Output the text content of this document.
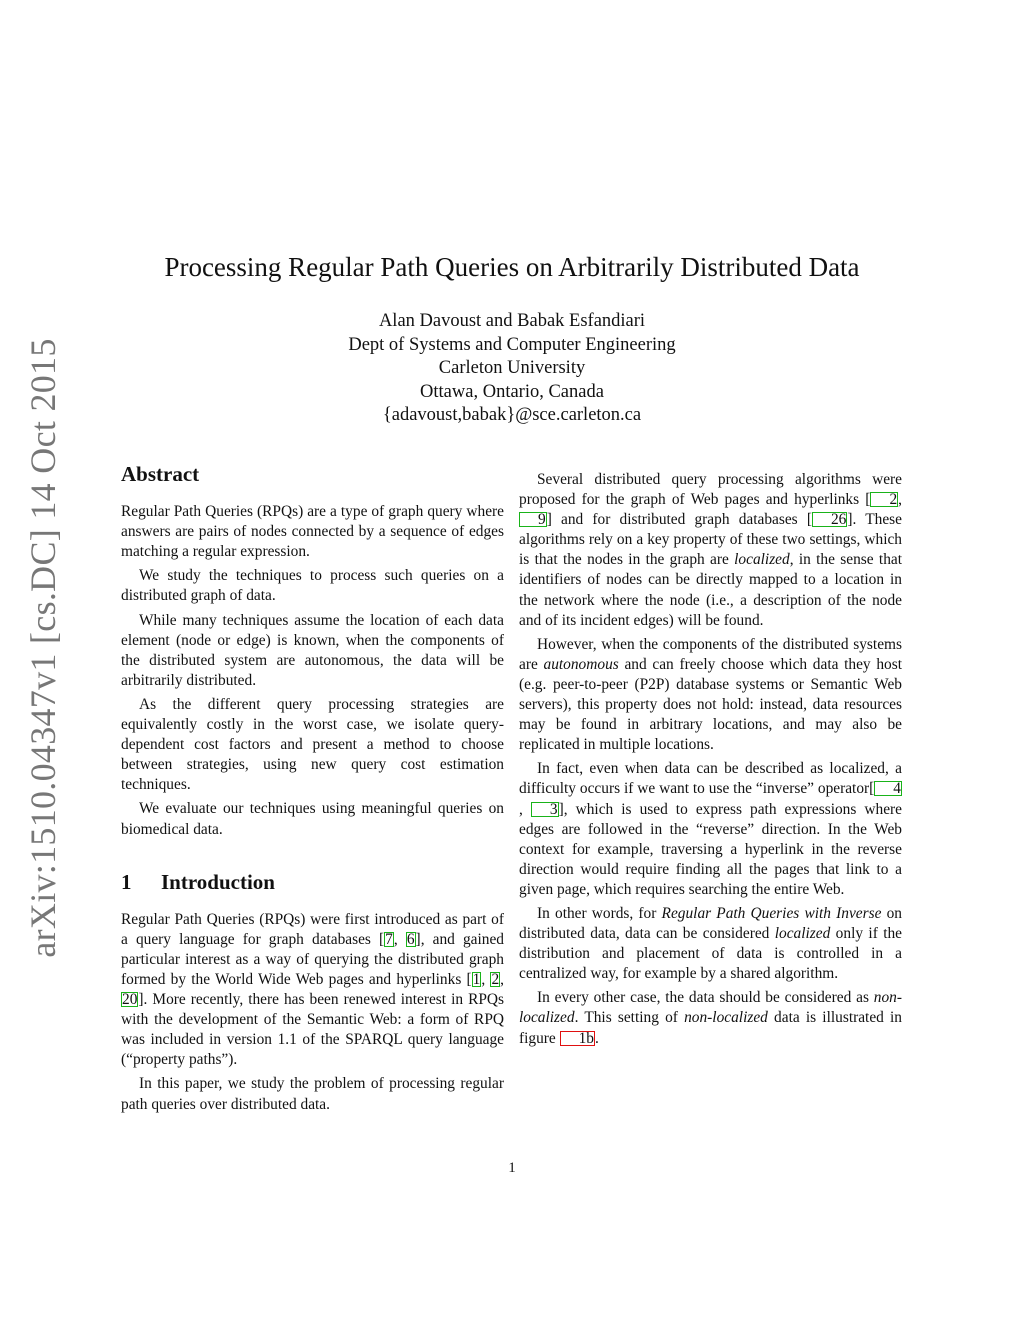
arXiv:1510.04347v1 [cs.DC] 14 Oct 2015
Processing Regular Path Queries on Arbitrarily Distributed Data
Alan Davoust and Babak Esfandiari
Dept of Systems and Computer Engineering
Carleton University
Ottawa, Ontario, Canada
{adavoust,babak}@sce.carleton.ca
Abstract

Regular Path Queries (RPQs) are a type of graph query where answers are pairs of nodes connected by a sequence of edges matching a regular expression.

We study the techniques to process such queries on a distributed graph of data.

While many techniques assume the location of each data element (node or edge) is known, when the components of the distributed system are autonomous, the data will be arbitrarily distributed.

As the different query processing strategies are equivalently costly in the worst case, we isolate query-dependent cost factors and present a method to choose between strategies, using new query cost estimation techniques.

We evaluate our techniques using meaningful queries on biomedical data.

1 Introduction

Regular Path Queries (RPQs) were first introduced as part of a query language for graph databases [7, 6], and gained particular interest as a way of querying the distributed graph formed by the World Wide Web pages and hyperlinks [1, 2, 20]. More recently, there has been renewed interest in RPQs with the development of the Semantic Web: a form of RPQ was included in version 1.1 of the SPARQL query language (“property paths”).

In this paper, we study the problem of processing regular path queries over distributed data.

Several distributed query processing algorithms were proposed for the graph of Web pages and hyperlinks [ 2, 9] and for distributed graph databases [ 26]. These algorithms rely on a key property of these two settings, which is that the nodes in the graph are localized, in the sense that identifiers of nodes can be directly mapped to a location in the network where the node (i.e., a description of the node and of its incident edges) will be found.

However, when the components of the distributed systems are autonomous and can freely choose which data they host (e.g. peer-to-peer (P2P) database systems or Semantic Web servers), this property does not hold: instead, data resources may be found in arbitrary locations, and may also be replicated in multiple locations.

In fact, even when data can be described as localized, a difficulty occurs if we want to use the “inverse” operator[ 4, 3], which is used to express path expressions where edges are followed in the “reverse” direction. In the Web context for example, traversing a hyperlink in the reverse direction would require finding all the pages that link to a given page, which requires searching the entire Web.

In other words, for Regular Path Queries with Inverse on distributed data, data can be considered localized only if the distribution and placement of data is controlled in a centralized way, for example by a shared algorithm.

In every other case, the data should be considered as non-localized. This setting of non-localized data is illustrated in figure 1b.

1
